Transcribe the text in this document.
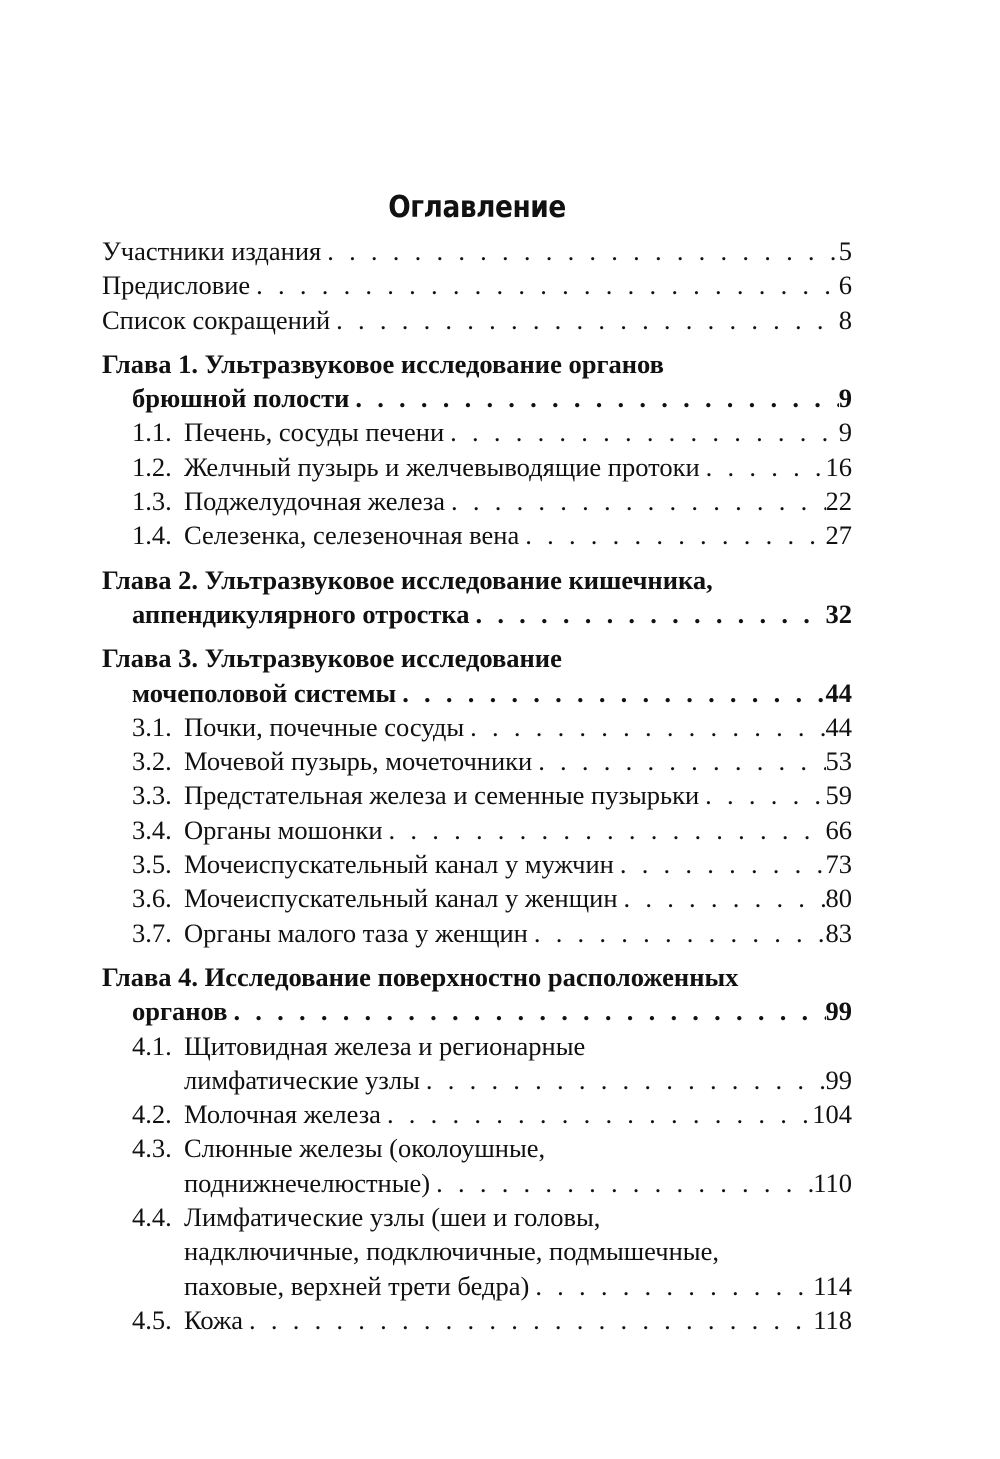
Оглавление
Участники издания . . .	5
Предисловие . . .	6
Список сокращений . . .	8
Глава 1. Ультразвуковое исследование органов
брюшной полости . . .	9
1.1. Печень, сосуды печени . . .	9
1.2. Желчный пузырь и желчевыводящие протоки . . .	16
1.3. Поджелудочная железа . . .	22
1.4. Селезенка, селезеночная вена . . .	27
Глава 2. Ультразвуковое исследование кишечника,
аппендикулярного отростка . . .	32
Глава 3. Ультразвуковое исследование
мочеполовой системы . . .	44
3.1. Почки, почечные сосуды . . .	44
3.2. Мочевой пузырь, мочеточники . . .	53
3.3. Предстательная железа и семенные пузырьки . . .	59
3.4. Органы мошонки . . .	66
3.5. Мочеиспускательный канал у мужчин . . .	73
3.6. Мочеиспускательный канал у женщин . . .	80
3.7. Органы малого таза у женщин . . .	83
Глава 4. Исследование поверхностно расположенных
органов . . .	99
4.1. Щитовидная железа и регионарные
лимфатические узлы . . .	99
4.2. Молочная железа . . .	104
4.3. Слюнные железы (околоушные,
поднижнечелюстные) . . .	110
4.4. Лимфатические узлы (шеи и головы,
надключичные, подключичные, подмышечные,
паховые, верхней трети бедра) . . .	114
4.5. Кожа . . .	118
